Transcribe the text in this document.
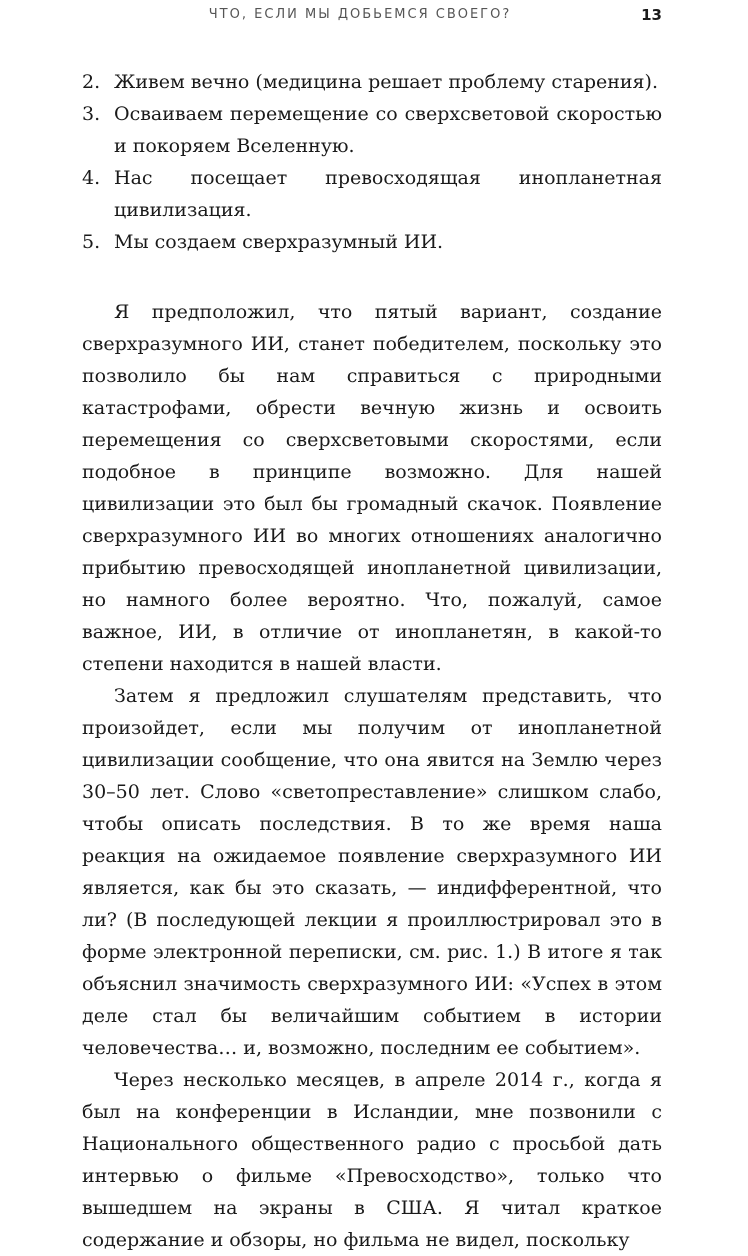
ЧТО, ЕСЛИ МЫ ДОБЬЕМСЯ СВОЕГО?	13
2. Живем вечно (медицина решает проблему старения).
3. Осваиваем перемещение со сверхсветовой скоростью и покоряем Вселенную.
4. Нас посещает превосходящая инопланетная цивилизация.
5. Мы создаем сверхразумный ИИ.

Я предположил, что пятый вариант, создание сверхразумного ИИ, станет победителем, поскольку это позволило бы нам справиться с природными катастрофами, обрести вечную жизнь и освоить перемещения со сверхсветовыми скоростями, если подобное в принципе возможно. Для нашей цивилизации это был бы громадный скачок. Появление сверхразумного ИИ во многих отношениях аналогично прибытию превосходящей инопланетной цивилизации, но намного более вероятно. Что, пожалуй, самое важное, ИИ, в отличие от инопланетян, в какой-то степени находится в нашей власти.

Затем я предложил слушателям представить, что произойдет, если мы получим от инопланетной цивилизации сообщение, что она явится на Землю через 30–50 лет. Слово «светопреставление» слишком слабо, чтобы описать последствия. В то же время наша реакция на ожидаемое появление сверхразумного ИИ является, как бы это сказать, — индифферентной, что ли? (В последующей лекции я проиллюстрировал это в форме электронной переписки, см. рис. 1.) В итоге я так объяснил значимость сверхразумного ИИ: «Успех в этом деле стал бы величайшим событием в истории человечества… и, возможно, последним ее событием».

Через несколько месяцев, в апреле 2014 г., когда я был на конференции в Исландии, мне позвонили с Национального общественного радио с просьбой дать интервью о фильме «Превосходство», только что вышедшем на экраны в США. Я читал краткое содержание и обзоры, но фильма не видел, поскольку
